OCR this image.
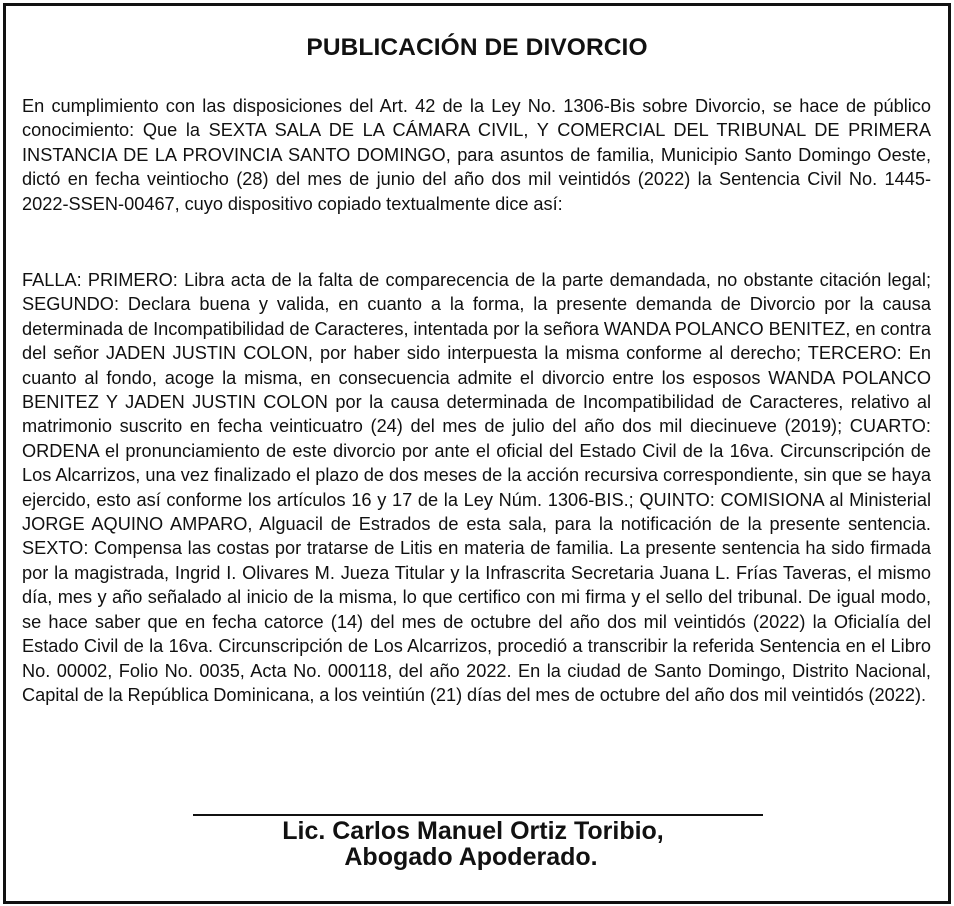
PUBLICACIÓN DE DIVORCIO

En cumplimiento con las disposiciones del Art. 42 de la Ley No. 1306-Bis sobre Divorcio, se hace de público conocimiento: Que la SEXTA SALA DE LA CÁMARA CIVIL, Y COMERCIAL DEL TRIBUNAL DE PRIMERA INSTANCIA DE LA PROVINCIA SANTO DOMINGO, para asuntos de familia, Municipio Santo Domingo Oeste, dictó en fecha veintiocho (28) del mes de junio del año dos mil veintidós (2022) la Sentencia Civil No. 1445-2022-SSEN-00467, cuyo dispositivo copiado textualmente dice así:

FALLA: PRIMERO: Libra acta de la falta de comparecencia de la parte demandada, no obstante citación legal; SEGUNDO: Declara buena y valida, en cuanto a la forma, la presente demanda de Divorcio por la causa determinada de Incompatibilidad de Caracteres, intentada por la señora WANDA POLANCO BENITEZ, en contra del señor JADEN JUSTIN COLON, por haber sido interpuesta la misma conforme al derecho; TERCERO: En cuanto al fondo, acoge la misma, en consecuencia admite el divorcio entre los esposos WANDA POLANCO BENITEZ Y JADEN JUSTIN COLON por la causa determinada de Incompatibilidad de Caracteres, relativo al matrimonio suscrito en fecha veinticuatro (24) del mes de julio del año dos mil diecinueve (2019); CUARTO: ORDENA el pronunciamiento de este divorcio por ante el oficial del Estado Civil de la 16va. Circunscripción de Los Alcarrizos, una vez finalizado el plazo de dos meses de la acción recursiva correspondiente, sin que se haya ejercido, esto así conforme los artículos 16 y 17 de la Ley Núm. 1306-BIS.; QUINTO: COMISIONA al Ministerial JORGE AQUINO AMPARO, Alguacil de Estrados de esta sala, para la notificación de la presente sentencia. SEXTO: Compensa las costas por tratarse de Litis en materia de familia. La presente sentencia ha sido firmada por la magistrada, Ingrid I. Olivares M. Jueza Titular y la Infrascrita Secretaria Juana L. Frías Taveras, el mismo día, mes y año señalado al inicio de la misma, lo que certifico con mi firma y el sello del tribunal. De igual modo, se hace saber que en fecha catorce (14) del mes de octubre del año dos mil veintidós (2022) la Oficialía del Estado Civil de la 16va. Circunscripción de Los Alcarrizos, procedió a transcribir la referida Sentencia en el Libro No. 00002, Folio No. 0035, Acta No. 000118, del año 2022. En la ciudad de Santo Domingo, Distrito Nacional, Capital de la República Dominicana, a los veintiún (21) días del mes de octubre del año dos mil veintidós (2022).

Lic. Carlos Manuel Ortiz Toribio,

Abogado Apoderado.
